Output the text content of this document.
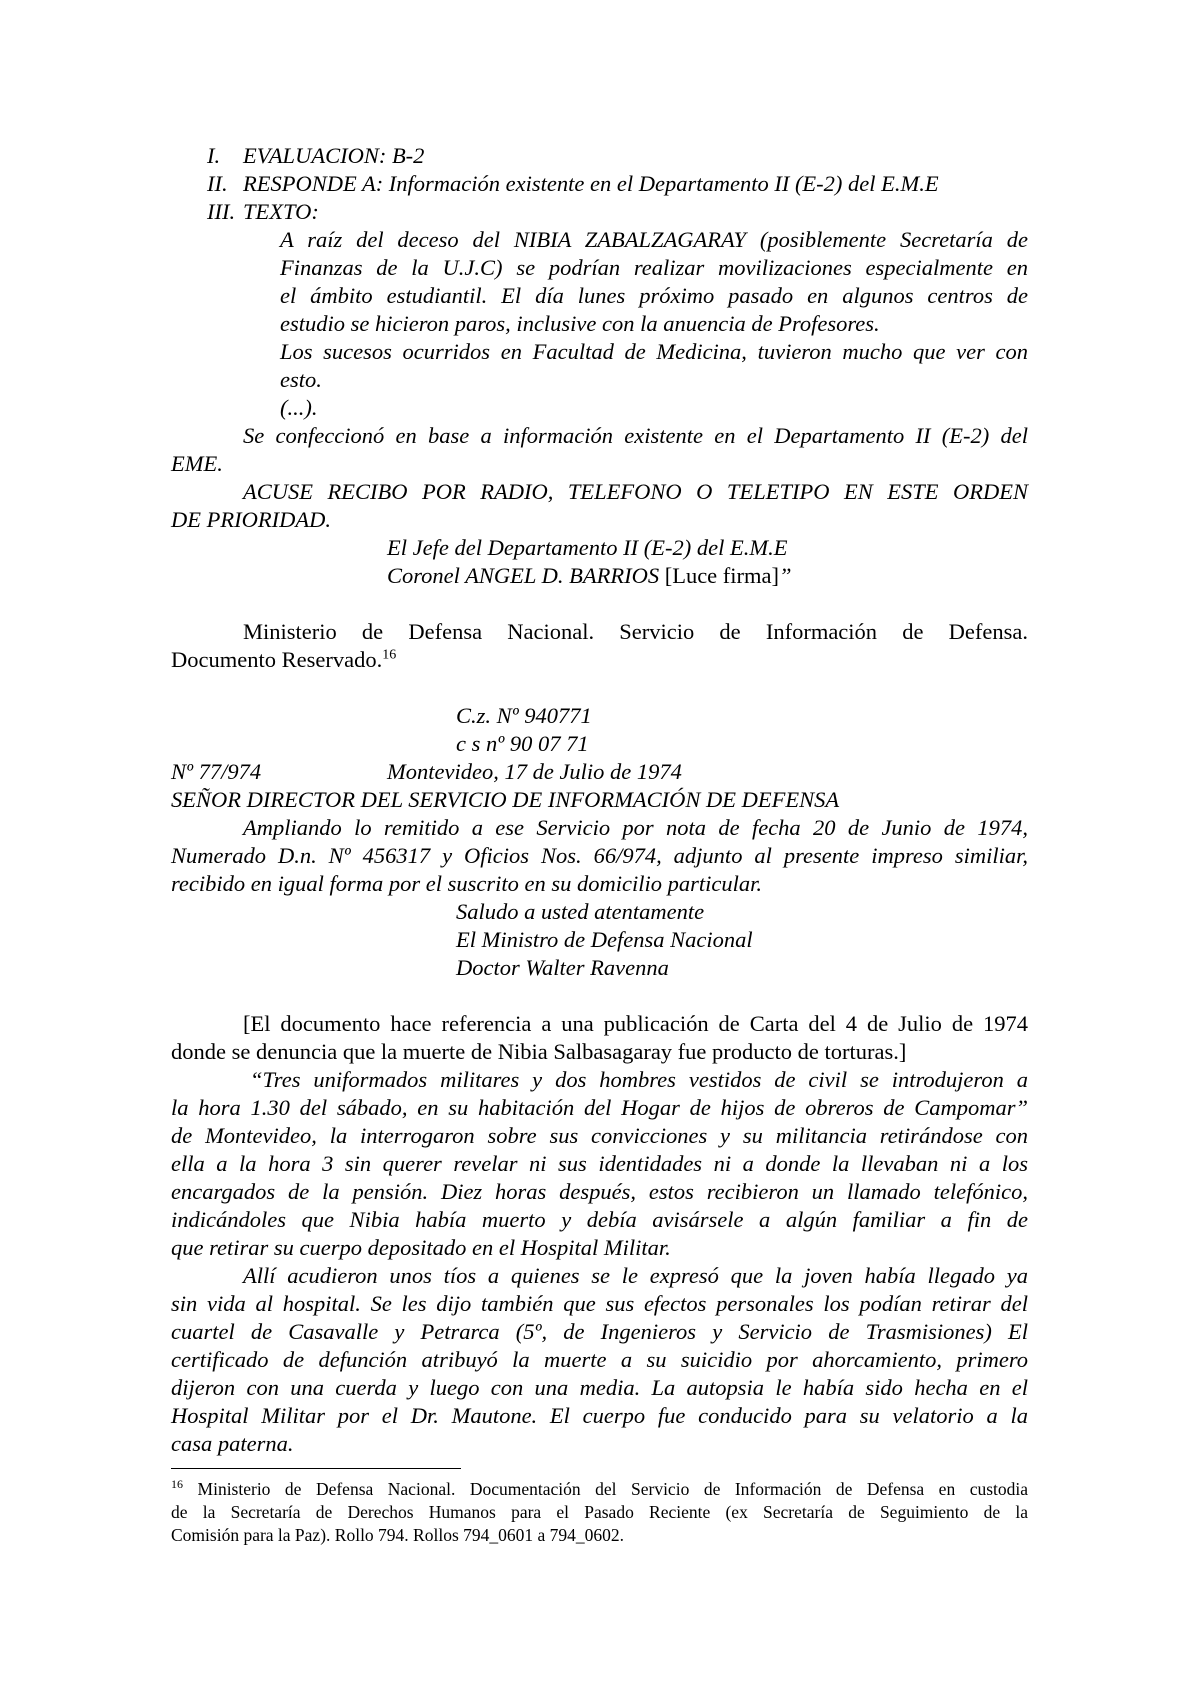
I. EVALUACION: B-2
II. RESPONDE A: Información existente en el Departamento II (E-2) del E.M.E
III. TEXTO:
A raíz del deceso del NIBIA ZABALZAGARAY (posiblemente Secretaría de
Finanzas de la U.J.C) se podrían realizar movilizaciones especialmente en
el ámbito estudiantil. El día lunes próximo pasado en algunos centros de
estudio se hicieron paros, inclusive con la anuencia de Profesores.
Los sucesos ocurridos en Facultad de Medicina, tuvieron mucho que ver con
esto.
(...).
Se confeccionó en base a información existente en el Departamento II (E-2) del
EME.
ACUSE RECIBO POR RADIO, TELEFONO O TELETIPO EN ESTE ORDEN
DE PRIORIDAD.
El Jefe del Departamento II (E-2) del E.M.E
Coronel ANGEL D. BARRIOS [Luce firma]”
Ministerio de Defensa Nacional. Servicio de Información de Defensa.
Documento Reservado.$^{16}$
C.z. Nº 940771
c s nº 90 07 71
Nº 77/974	Montevideo, 17 de Julio de 1974
SEÑOR DIRECTOR DEL SERVICIO DE INFORMACIÓN DE DEFENSA
Ampliando lo remitido a ese Servicio por nota de fecha 20 de Junio de 1974,
Numerado D.n. Nº 456317 y Oficios Nos. 66/974, adjunto al presente impreso similiar,
recibido en igual forma por el suscrito en su domicilio particular.
Saludo a usted atentamente
El Ministro de Defensa Nacional
Doctor Walter Ravenna
[El documento hace referencia a una publicación de Carta del 4 de Julio de 1974
donde se denuncia que la muerte de Nibia Salbasagaray fue producto de torturas.]
“Tres uniformados militares y dos hombres vestidos de civil se introdujeron a
la hora 1.30 del sábado, en su habitación del Hogar de hijos de obreros de Campomar”
de Montevideo, la interrogaron sobre sus convicciones y su militancia retirándose con
ella a la hora 3 sin querer revelar ni sus identidades ni a donde la llevaban ni a los
encargados de la pensión. Diez horas después, estos recibieron un llamado telefónico,
indicándoles que Nibia había muerto y debía avisársele a algún familiar a fin de
que retirar su cuerpo depositado en el Hospital Militar.
Allí acudieron unos tíos a quienes se le expresó que la joven había llegado ya
sin vida al hospital. Se les dijo también que sus efectos personales los podían retirar del
cuartel de Casavalle y Petrarca (5º, de Ingenieros y Servicio de Trasmisiones) El
certificado de defunción atribuyó la muerte a su suicidio por ahorcamiento, primero
dijeron con una cuerda y luego con una media. La autopsia le había sido hecha en el
Hospital Militar por el Dr. Mautone. El cuerpo fue conducido para su velatorio a la
casa paterna.
$^{16}$ Ministerio de Defensa Nacional. Documentación del Servicio de Información de Defensa en custodia
de la Secretaría de Derechos Humanos para el Pasado Reciente (ex Secretaría de Seguimiento de la
Comisión para la Paz). Rollo 794. Rollos 794_0601 a 794_0602.
